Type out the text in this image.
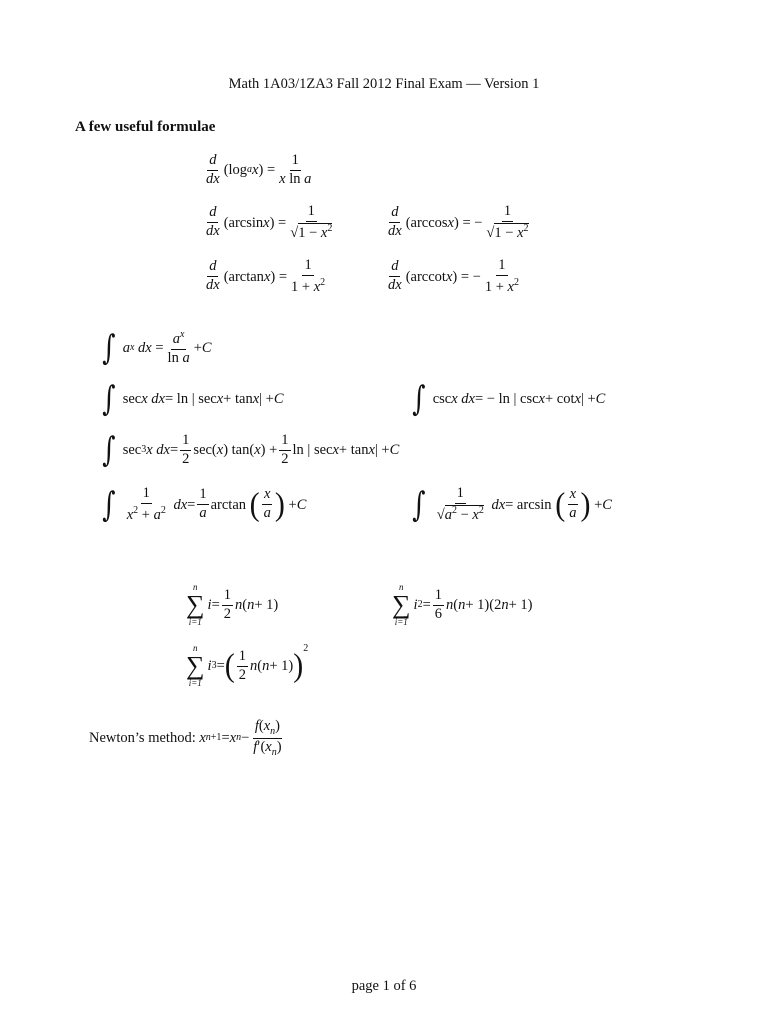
Math 1A03/1ZA3 Fall 2012 Final Exam — Version 1
A few useful formulae
d
dx
(log a x ) =
1
x ln a
d
dx
(arcsin x ) =
1
$√1 - x^2$
d
dx
(arccos x ) = −
1
$√1 - x^2$
d
dx
(arctan x ) =
1
$1 + x^2$
d
dx
(arccot x ) = −
1
$1 + x^2$
∫ a x
dx =
$a^x$
ln a
+ C
∫ sec x
dx = ln | sec x + tan x | + C	∫ csc x
dx = − ln | csc x + cot x | + C
∫ sec 3 x
dx =
1
2
sec( x ) tan( x ) +
1
2
ln | sec x + tan x | + C
∫ 1
$x^2 + a^2$
dx =
1
a
arctan ( x
a ) + C	∫ 1
$√a^2 - x^2$
dx = arcsin ( x
a ) + C
n
∑
i=1
i =
1
2
n ( n + 1)
n
∑
i=1
i 2 =
1
6
n ( n + 1)(2 n + 1)
n
∑
i=1
i 3 = ( 1
2
n ( n + 1) )$^2$
Newton’s method:
x n+1 = x n −
$f(x_n)$
$f'(x_n)$
page 1 of 6
